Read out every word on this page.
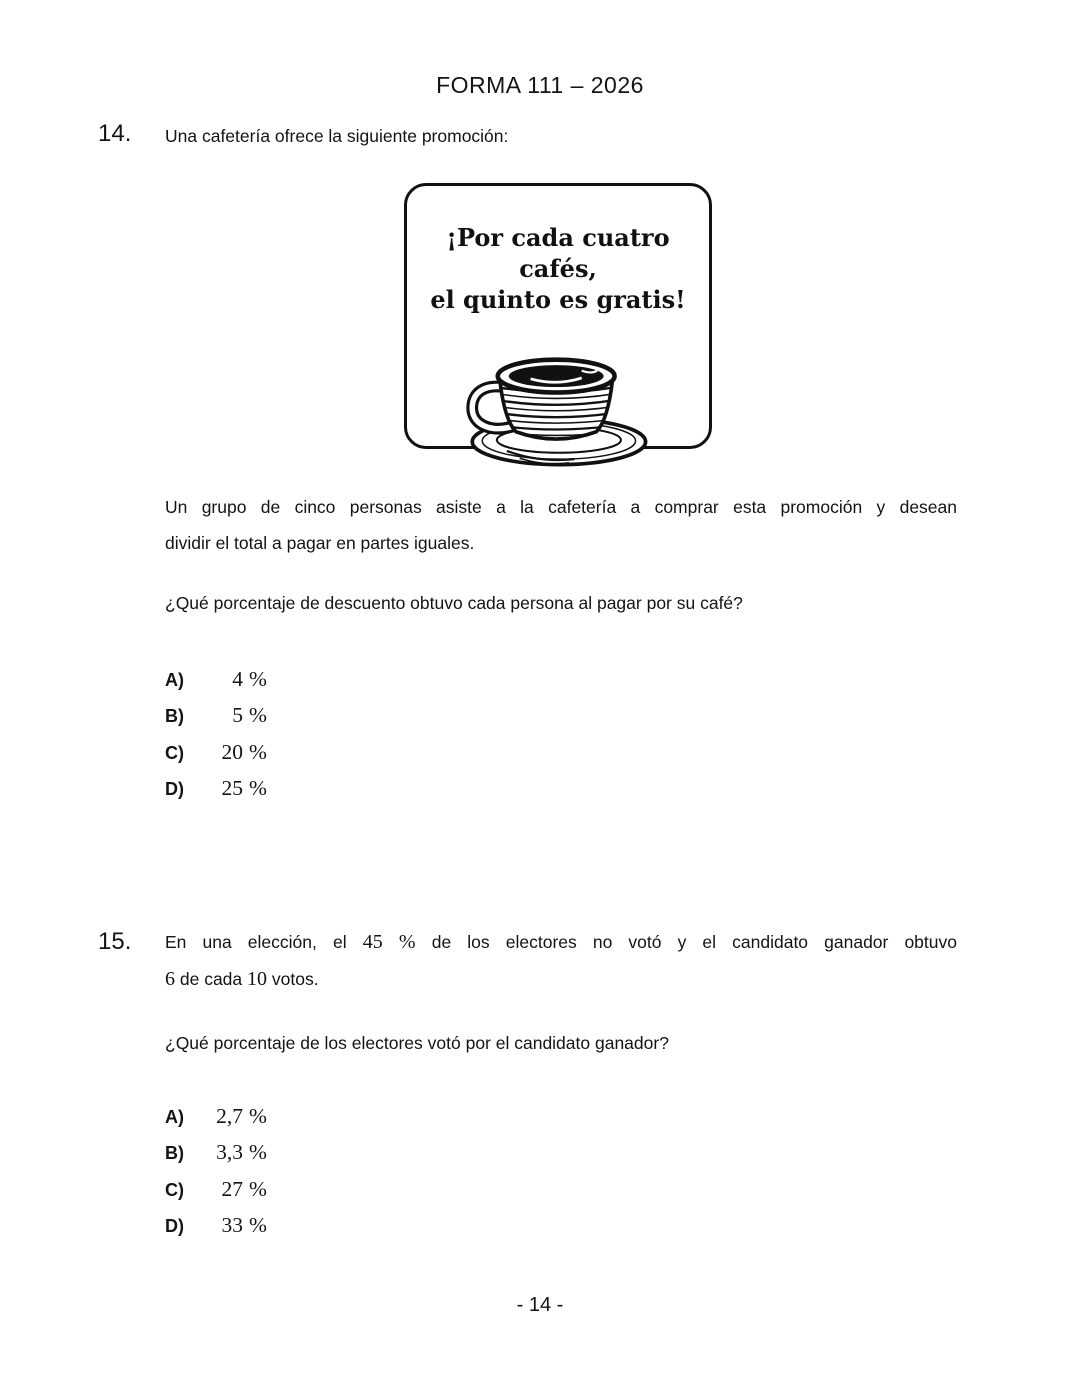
FORMA 111 – 2026
14. Una cafetería ofrece la siguiente promoción:
¡Por cada cuatro cafés,
el quinto es gratis!
Un grupo de cinco personas asiste a la cafetería a comprar esta promoción y desean
dividir el total a pagar en partes iguales.
¿Qué porcentaje de descuento obtuvo cada persona al pagar por su café?
A)	4 %
B)	5 %
C)	20 %
D)	25 %
15. En una elección, el 45 % de los electores no votó y el candidato ganador obtuvo
6 de cada 10 votos.
¿Qué porcentaje de los electores votó por el candidato ganador?
A)	2,7 %
B)	3,3 %
C)	27 %
D)	33 %
- 14 -
